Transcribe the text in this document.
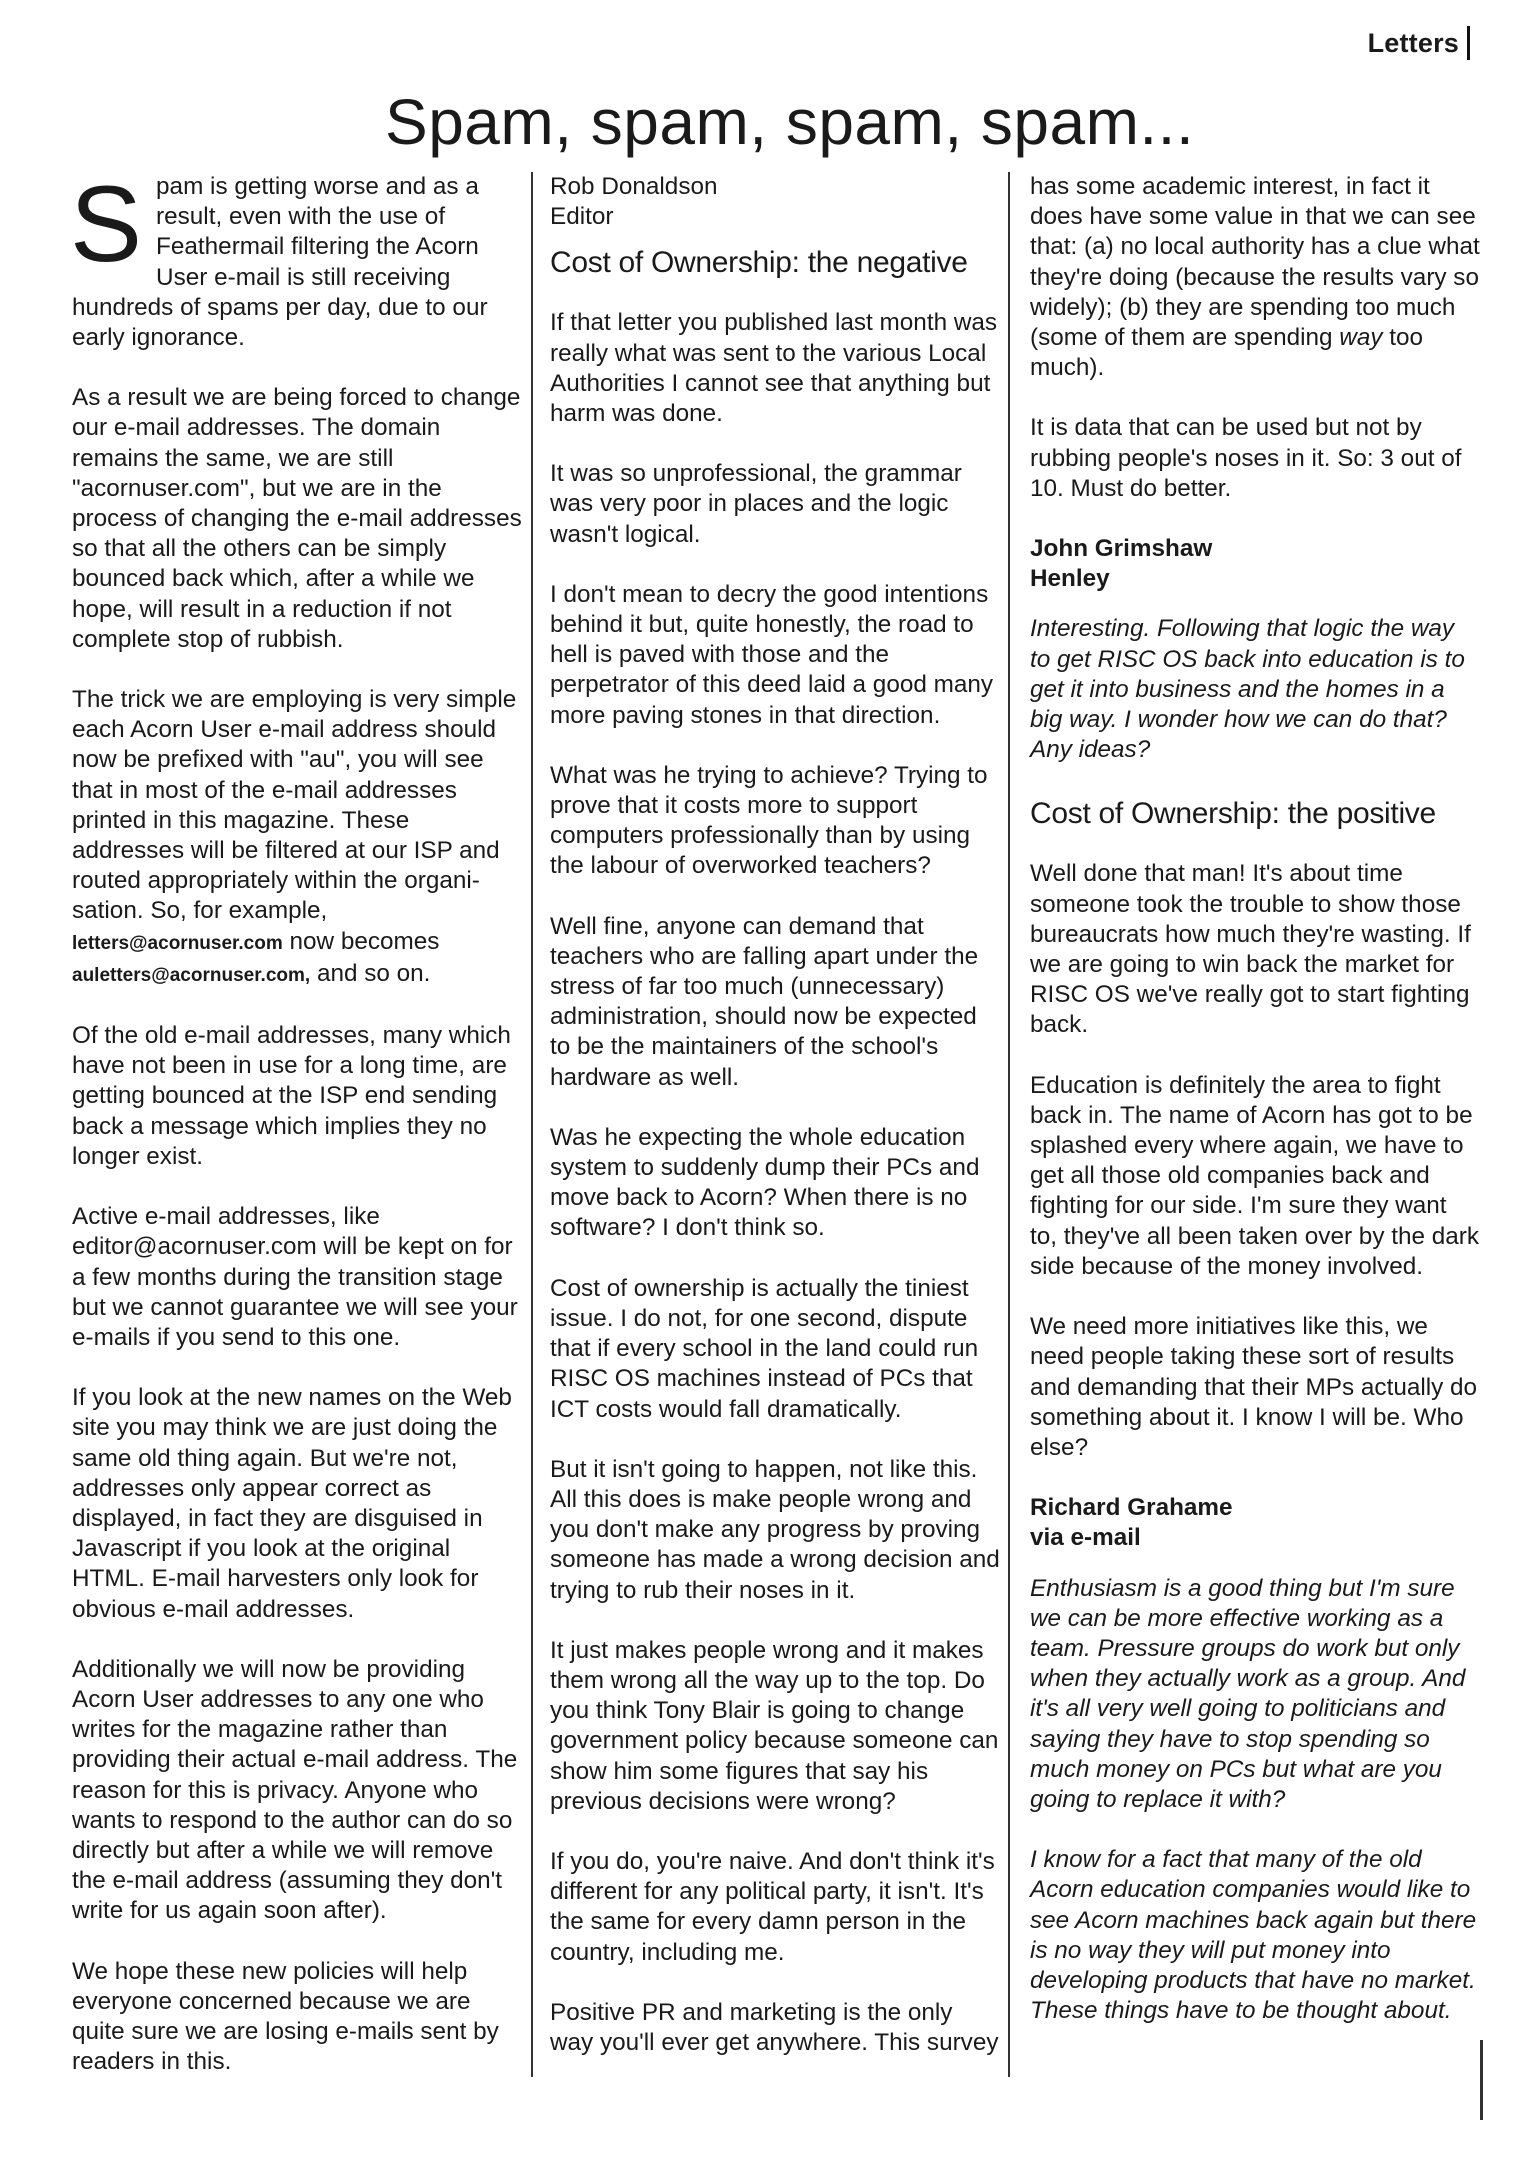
Letters
Spam, spam, spam, spam...

Spam is getting worse and as a result, even with the use of Feathermail filtering the Acorn User e-mail is still receiving hundreds of spams per day, due to our early ignorance.

As a result we are being forced to change our e-mail addresses. The domain remains the same, we are still "acornuser.com", but we are in the process of changing the e-mail addresses so that all the others can be simply bounced back which, after a while we hope, will result in a reduction if not complete stop of rubbish.

The trick we are employing is very simple each Acorn User e-mail address should now be prefixed with "au", you will see that in most of the e-mail addresses printed in this magazine. These addresses will be filtered at our ISP and routed appropriately within the organi- sation. So, for example, letters@acornuser.com now becomes auletters@acornuser.com, and so on.

Of the old e-mail addresses, many which have not been in use for a long time, are getting bounced at the ISP end sending back a message which implies they no longer exist.

Active e-mail addresses, like editor@acornuser.com will be kept on for a few months during the transition stage but we cannot guarantee we will see your e-mails if you send to this one.

If you look at the new names on the Web site you may think we are just doing the same old thing again. But we're not, addresses only appear correct as displayed, in fact they are disguised in Javascript if you look at the original HTML. E-mail harvesters only look for obvious e-mail addresses.

Additionally we will now be providing Acorn User addresses to any one who writes for the magazine rather than providing their actual e-mail address. The reason for this is privacy. Anyone who wants to respond to the author can do so directly but after a while we will remove the e-mail address (assuming they don't write for us again soon after).

We hope these new policies will help everyone concerned because we are quite sure we are losing e-mails sent by readers in this.

Rob Donaldson
Editor

Cost of Ownership: the negative

If that letter you published last month was really what was sent to the various Local Authorities I cannot see that anything but harm was done.

It was so unprofessional, the grammar was very poor in places and the logic wasn't logical.

I don't mean to decry the good intentions behind it but, quite honestly, the road to hell is paved with those and the perpetrator of this deed laid a good many more paving stones in that direction.

What was he trying to achieve? Trying to prove that it costs more to support computers professionally than by using the labour of overworked teachers?

Well fine, anyone can demand that teachers who are falling apart under the stress of far too much (unnecessary) administration, should now be expected to be the maintainers of the school's hardware as well.

Was he expecting the whole education system to suddenly dump their PCs and move back to Acorn? When there is no software? I don't think so.

Cost of ownership is actually the tiniest issue. I do not, for one second, dispute that if every school in the land could run RISC OS machines instead of PCs that ICT costs would fall dramatically.

But it isn't going to happen, not like this. All this does is make people wrong and you don't make any progress by proving someone has made a wrong decision and trying to rub their noses in it.

It just makes people wrong and it makes them wrong all the way up to the top. Do you think Tony Blair is going to change government policy because someone can show him some figures that say his previous decisions were wrong?

If you do, you're naive. And don't think it's different for any political party, it isn't. It's the same for every damn person in the country, including me.

Positive PR and marketing is the only way you'll ever get anywhere. This survey

has some academic interest, in fact it does have some value in that we can see that: (a) no local authority has a clue what they're doing (because the results vary so widely); (b) they are spending too much (some of them are spending way too much).

It is data that can be used but not by rubbing people's noses in it. So: 3 out of 10. Must do better.

John Grimshaw
Henley

Interesting. Following that logic the way to get RISC OS back into education is to get it into business and the homes in a big way. I wonder how we can do that? Any ideas?

Cost of Ownership: the positive

Well done that man! It's about time someone took the trouble to show those bureaucrats how much they're wasting. If we are going to win back the market for RISC OS we've really got to start fighting back.

Education is definitely the area to fight back in. The name of Acorn has got to be splashed every where again, we have to get all those old companies back and fighting for our side. I'm sure they want to, they've all been taken over by the dark side because of the money involved.

We need more initiatives like this, we need people taking these sort of results and demanding that their MPs actually do something about it. I know I will be. Who else?

Richard Grahame
via e-mail

Enthusiasm is a good thing but I'm sure we can be more effective working as a team. Pressure groups do work but only when they actually work as a group. And it's all very well going to politicians and saying they have to stop spending so much money on PCs but what are you going to replace it with?

I know for a fact that many of the old Acorn education companies would like to see Acorn machines back again but there is no way they will put money into developing products that have no market. These things have to be thought about.
